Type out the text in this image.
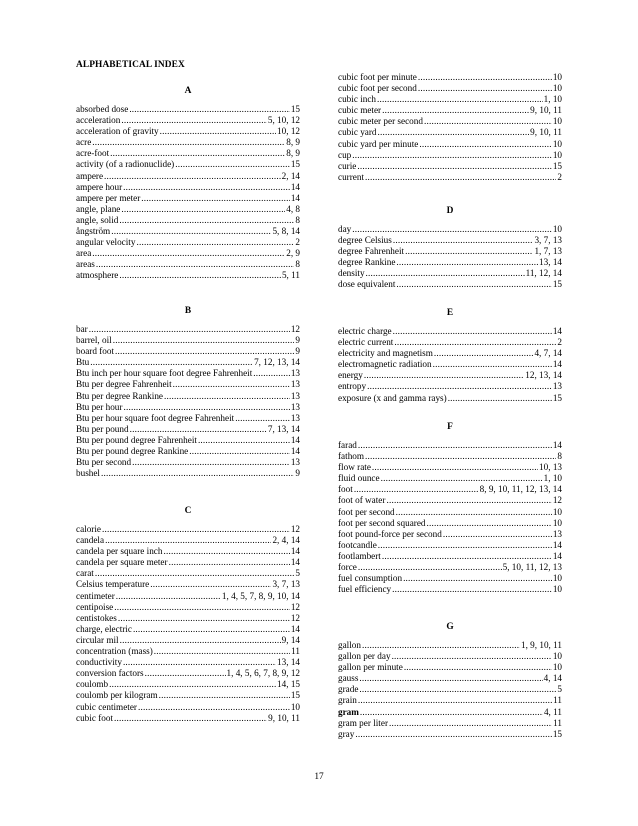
ALPHABETICAL INDEX
A
absorbed dose .....	15
acceleration .....	5, 10, 12
acceleration of gravity .....	10, 12
acre .....	8, 9
acre-foot .....	8, 9
activity (of a radionuclide) .....	15
ampere .....	2, 14
ampere hour .....	14
ampere per meter .....	14
angle, plane .....	4, 8
angle, solid .....	8
ångström .....	5, 8, 14
angular velocity .....	2
area .....	2, 9
areas .....	8
atmosphere .....	5, 11
B
bar .....	12
barrel, oil .....	9
board foot .....	9
Btu .....	7, 12, 13, 14
Btu inch per hour square foot degree Fahrenheit .....	13
Btu per degree Fahrenheit .....	13
Btu per degree Rankine .....	13
Btu per hour .....	13
Btu per hour square foot degree Fahrenheit .....	13
Btu per pound .....	7, 13, 14
Btu per pound degree Fahrenheit .....	14
Btu per pound degree Rankine .....	14
Btu per second .....	13
bushel .....	9
C
calorie .....	12
candela .....	2, 4, 14
candela per square inch .....	14
candela per square meter .....	14
carat .....	5
Celsius temperature .....	3, 7, 13
centimeter .....	1, 4, 5, 7, 8, 9, 10, 14
centipoise .....	12
centistokes .....	12
charge, electric .....	14
circular mil .....	9, 14
concentration (mass) .....	11
conductivity .....	13, 14
conversion factors .....	1, 4, 5, 6, 7, 8, 9, 12
coulomb .....	14, 15
coulomb per kilogram .....	15
cubic centimeter .....	10
cubic foot .....	9, 10, 11
cubic foot per minute .....	10
cubic foot per second .....	10
cubic inch .....	1, 10
cubic meter .....	9, 10, 11
cubic meter per second .....	10
cubic yard .....	9, 10, 11
cubic yard per minute .....	10
cup .....	10
curie .....	15
current .....	2
D
day .....	10
degree Celsius .....	3, 7, 13
degree Fahrenheit .....	1, 7, 13
degree Rankine .....	13, 14
density .....	11, 12, 14
dose equivalent .....	15
E
electric charge .....	14
electric current .....	2
electricity and magnetism .....	4, 7, 14
electromagnetic radiation .....	14
energy .....	12, 13, 14
entropy .....	13
exposure (x and gamma rays) .....	15
F
farad .....	14
fathom .....	8
flow rate .....	10, 13
fluid ounce .....	1, 10
foot .....	8, 9, 10, 11, 12, 13, 14
foot of water .....	12
foot per second .....	10
foot per second squared .....	10
foot pound-force per second .....	13
footcandle .....	14
footlambert .....	14
force .....	5, 10, 11, 12, 13
fuel consumption .....	10
fuel efficiency .....	10
G
gallon .....	1, 9, 10, 11
gallon per day .....	10
gallon per minute .....	10
gauss .....	4, 14
grade .....	5
grain .....	11
gram .....	4, 11
gram per liter .....	11
gray .....	15
17
